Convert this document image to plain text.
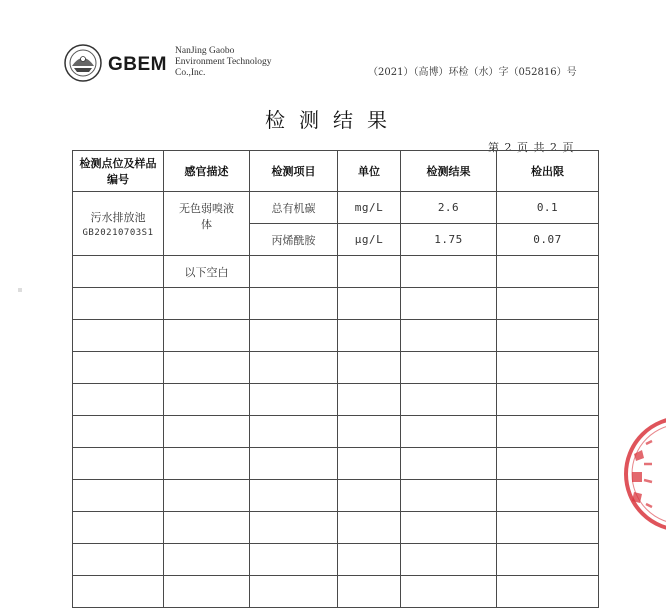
GBEM
NanJing Gaobo
Environment Technology
Co.,Inc.	（2021）（高博）环检（水）字（052816）号
检测结果
第 2 页 共 2 页
检测点位及样品编号	感官描述	检测项目	单位	检测结果	检出限

污水排放池
GB20210703S1	无色弱嗅液体	总有机碳	mg/L	2.6	0.1
		丙烯酰胺	μg/L	1.75	0.07
	以下空白				
